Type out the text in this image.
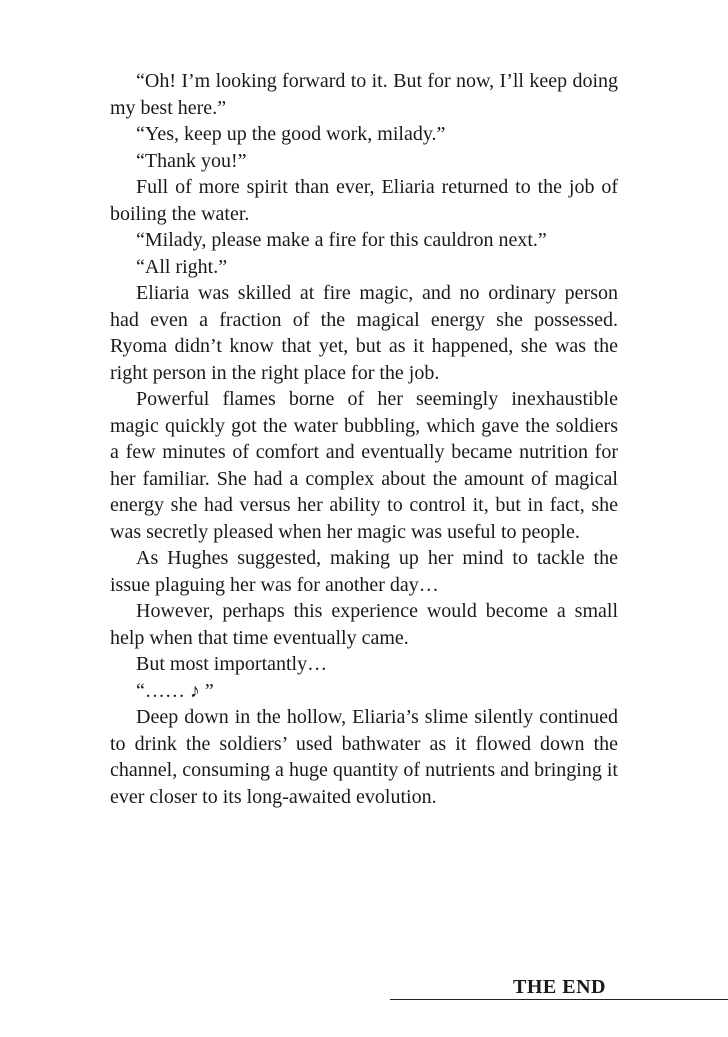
“Oh! I’m looking forward to it. But for now, I’ll keep doing my best here.”

“Yes, keep up the good work, milady.”

“Thank you!”

Full of more spirit than ever, Eliaria returned to the job of boiling the water.

“Milady, please make a fire for this cauldron next.”

“All right.”

Eliaria was skilled at fire magic, and no ordinary person had even a fraction of the magical energy she possessed. Ryoma didn’t know that yet, but as it happened, she was the right person in the right place for the job.

Powerful flames borne of her seemingly inexhaustible magic quickly got the water bubbling, which gave the soldiers a few minutes of comfort and eventually became nutrition for her familiar. She had a complex about the amount of magical energy she had versus her ability to control it, but in fact, she was secretly pleased when her magic was useful to people.

As Hughes suggested, making up her mind to tackle the issue plaguing her was for another day…

However, perhaps this experience would become a small help when that time eventually came.

But most importantly…

“…… ♪ ”

Deep down in the hollow, Eliaria’s slime silently continued to drink the soldiers’ used bathwater as it flowed down the channel, consuming a huge quantity of nutrients and bringing it ever closer to its long-awaited evolution.

THE END
